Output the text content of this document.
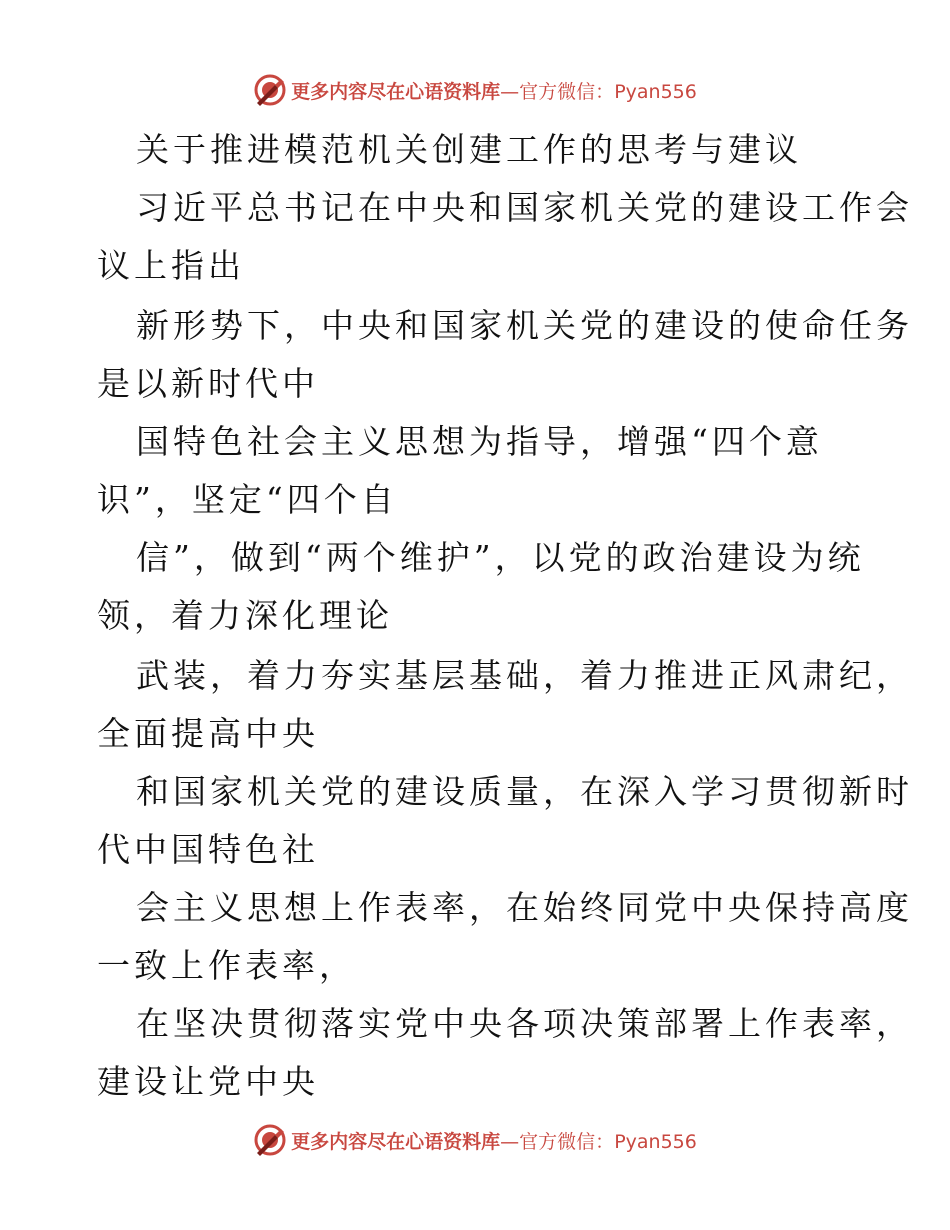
更多内容尽在心语资料库—官方微信：Pyan556
关于推进模范机关创建工作的思考与建议
习近平总书记在中央和国家机关党的建设工作会
议上指出
新形势下，中央和国家机关党的建设的使命任务
是以新时代中
国特色社会主义思想为指导，增强“四个意
识”，坚定“四个自
信”，做到“两个维护”，以党的政治建设为统
领，着力深化理论
武装，着力夯实基层基础，着力推进正风肃纪，
全面提高中央
和国家机关党的建设质量，在深入学习贯彻新时
代中国特色社
会主义思想上作表率，在始终同党中央保持高度
一致上作表率，
在坚决贯彻落实党中央各项决策部署上作表率，
建设让党中央
更多内容尽在心语资料库—官方微信：Pyan556
